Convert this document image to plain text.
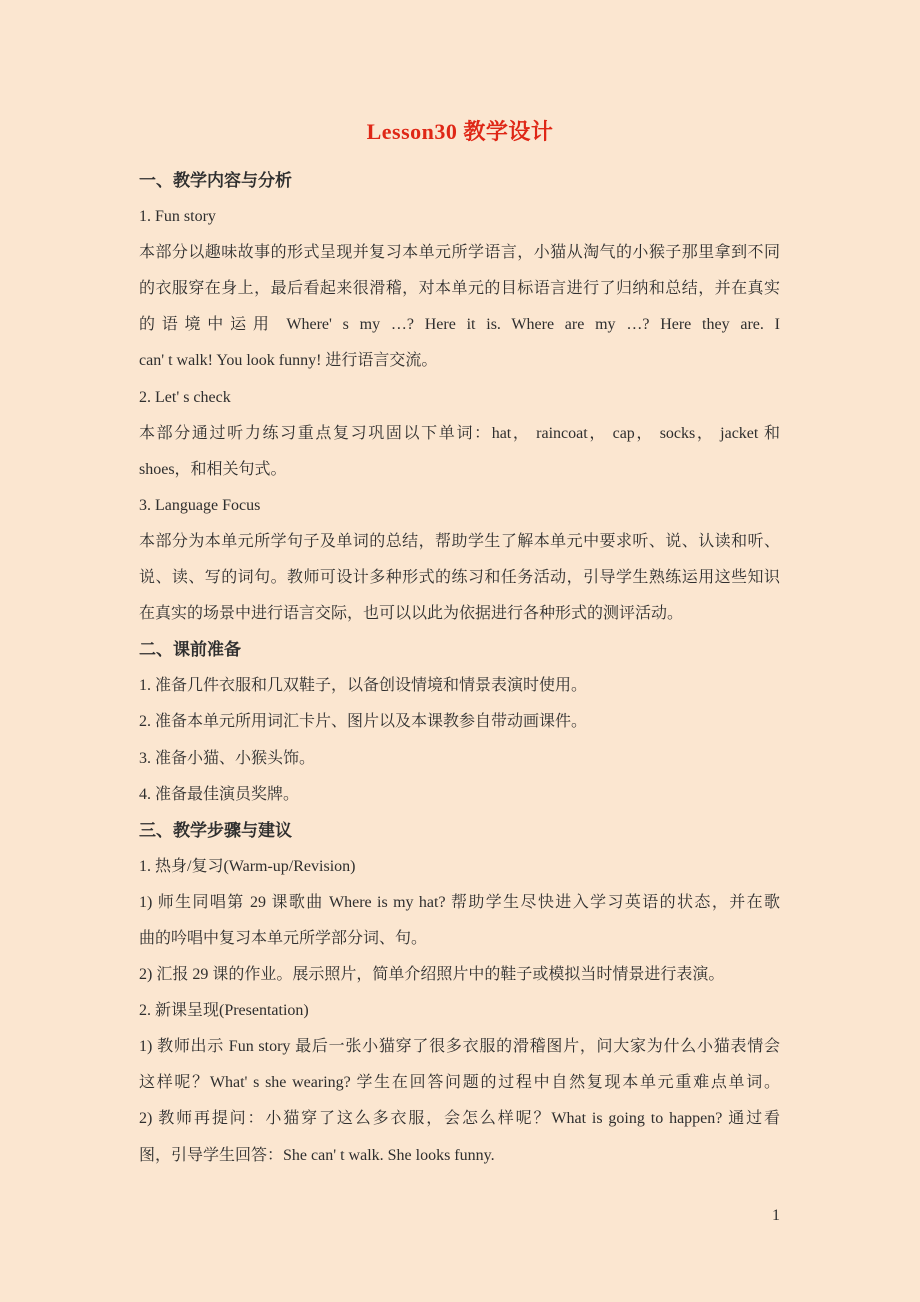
Lesson30 教学设计
一、教学内容与分析
1. Fun story
本部分以趣味故事的形式呈现并复习本单元所学语言，小猫从淘气的小猴子那里拿到不同
的衣服穿在身上，最后看起来很滑稽，对本单元的目标语言进行了归纳和总结，并在真实
的语境中运用 Where' s my …? Here it is. Where are my …? Here they are. I
can' t walk! You look funny! 进行语言交流。
2. Let' s check
本部分通过听力练习重点复习巩固以下单词：hat， raincoat， cap， socks， jacket 和
shoes，和相关句式。
3. Language Focus
本部分为本单元所学句子及单词的总结，帮助学生了解本单元中要求听、说、认读和听、
说、读、写的词句。教师可设计多种形式的练习和任务活动，引导学生熟练运用这些知识
在真实的场景中进行语言交际，也可以以此为依据进行各种形式的测评活动。
二、课前准备
1. 准备几件衣服和几双鞋子，以备创设情境和情景表演时使用。
2. 准备本单元所用词汇卡片、图片以及本课教参自带动画课件。
3. 准备小猫、小猴头饰。
4. 准备最佳演员奖牌。
三、教学步骤与建议
1. 热身/复习(Warm-up/Revision)
1) 师生同唱第 29 课歌曲 Where is my hat? 帮助学生尽快进入学习英语的状态，并在歌
曲的吟唱中复习本单元所学部分词、句。
2) 汇报 29 课的作业。展示照片，简单介绍照片中的鞋子或模拟当时情景进行表演。
2. 新课呈现(Presentation)
1) 教师出示 Fun story 最后一张小猫穿了很多衣服的滑稽图片，问大家为什么小猫表情会
这样呢？What' s she wearing? 学生在回答问题的过程中自然复现本单元重难点单词。
2) 教师再提问：小猫穿了这么多衣服，会怎么样呢？What is going to happen? 通过看
图，引导学生回答：She can' t walk. She looks funny.
1
